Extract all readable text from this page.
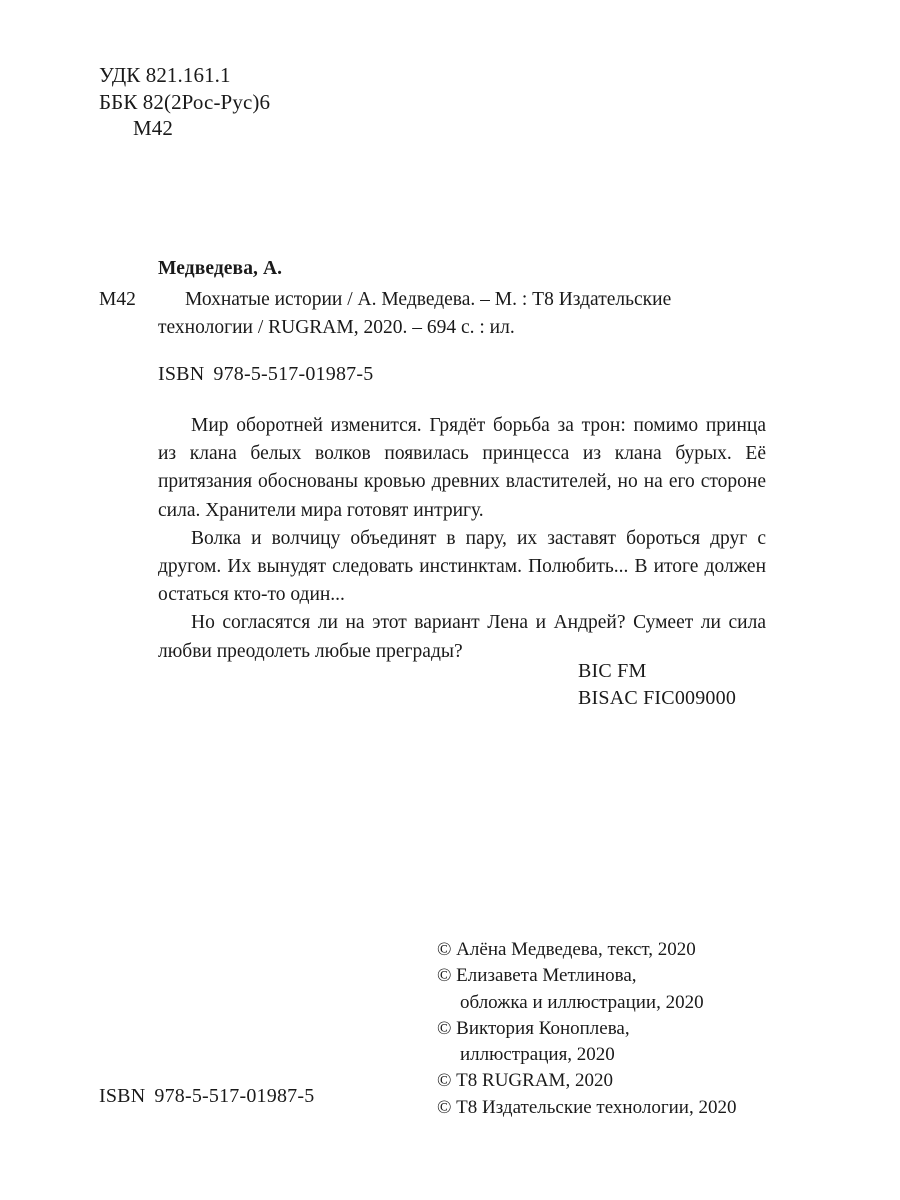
УДК 821.161.1
ББК 82(2Рос-Рус)6
М42
Медведева, А.
М42	Мохнатые истории / А. Медведева. – М. : Т8 Издательские технологии / RUGRAM, 2020. – 694 с. : ил.
ISBN 978-5-517-01987-5

Мир оборотней изменится. Грядёт борьба за трон: помимо принца из клана белых волков появилась принцесса из клана бурых. Её притязания обоснованы кровью древних властителей, но на его стороне сила. Хранители мира готовят интригу.

Волка и волчицу объединят в пару, их заставят бороться друг с другом. Их вынудят следовать инстинктам. Полюбить... В итоге должен остаться кто-то один...

Но согласятся ли на этот вариант Лена и Андрей? Сумеет ли сила любви преодолеть любые преграды?

BIC FM
BISAC FIC009000
© Алёна Медведева, текст, 2020
© Елизавета Метлинова,
обложка и иллюстрации, 2020
© Виктория Коноплева,
иллюстрация, 2020
© Т8 RUGRAM, 2020
© Т8 Издательские технологии, 2020
ISBN 978-5-517-01987-5
